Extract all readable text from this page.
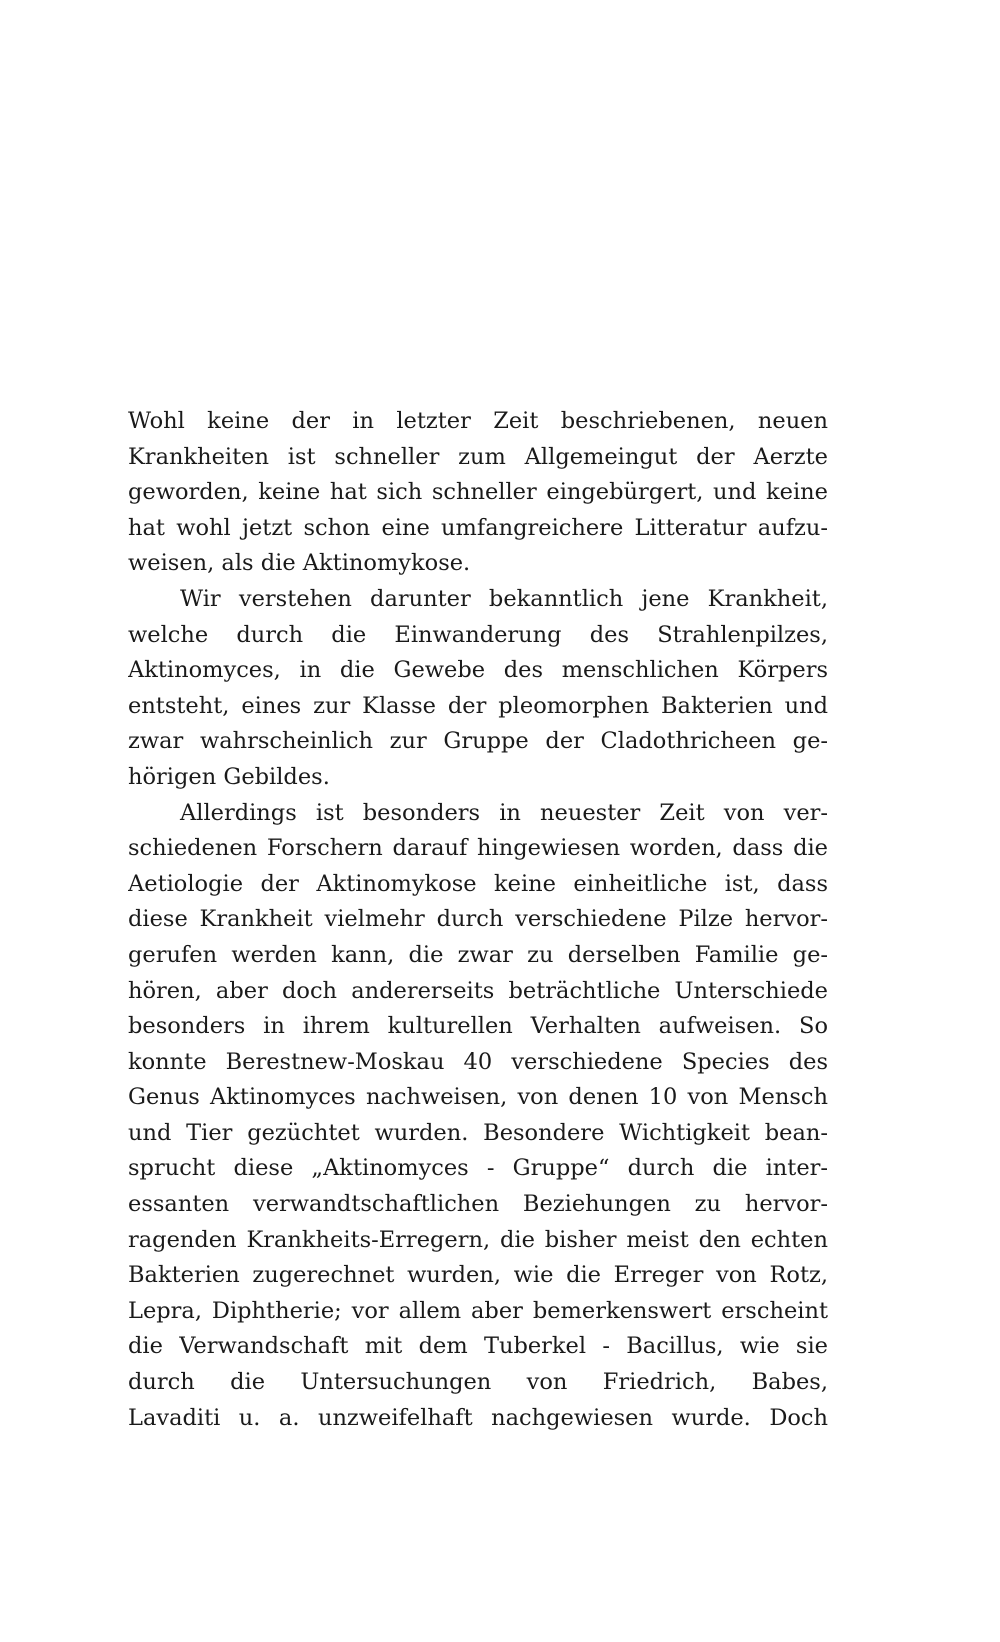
Wohl keine der in letzter Zeit beschriebenen, neuen
Krankheiten ist schneller zum Allgemeingut der Aerzte
geworden, keine hat sich schneller eingebürgert, und keine
hat wohl jetzt schon eine umfangreichere Litteratur aufzu-
weisen, als die Aktinomykose.
Wir verstehen darunter bekanntlich jene Krankheit,
welche durch die Einwanderung des Strahlenpilzes,
Aktinomyces, in die Gewebe des menschlichen Körpers
entsteht, eines zur Klasse der pleomorphen Bakterien und
zwar wahrscheinlich zur Gruppe der Cladothricheen ge-
hörigen Gebildes.
Allerdings ist besonders in neuester Zeit von ver-
schiedenen Forschern darauf hingewiesen worden, dass die
Aetiologie der Aktinomykose keine einheitliche ist, dass
diese Krankheit vielmehr durch verschiedene Pilze hervor-
gerufen werden kann, die zwar zu derselben Familie ge-
hören, aber doch andererseits beträchtliche Unterschiede
besonders in ihrem kulturellen Verhalten aufweisen. So
konnte Berestnew-Moskau 40 verschiedene Species des
Genus Aktinomyces nachweisen, von denen 10 von Mensch
und Tier gezüchtet wurden. Besondere Wichtigkeit bean-
sprucht diese „Aktinomyces - Gruppe“ durch die inter-
essanten verwandtschaftlichen Beziehungen zu hervor-
ragenden Krankheits-Erregern, die bisher meist den echten
Bakterien zugerechnet wurden, wie die Erreger von Rotz,
Lepra, Diphtherie; vor allem aber bemerkenswert erscheint
die Verwandschaft mit dem Tuberkel - Bacillus, wie sie
durch die Untersuchungen von Friedrich, Babes,
Lavaditi u. a. unzweifelhaft nachgewiesen wurde. Doch
